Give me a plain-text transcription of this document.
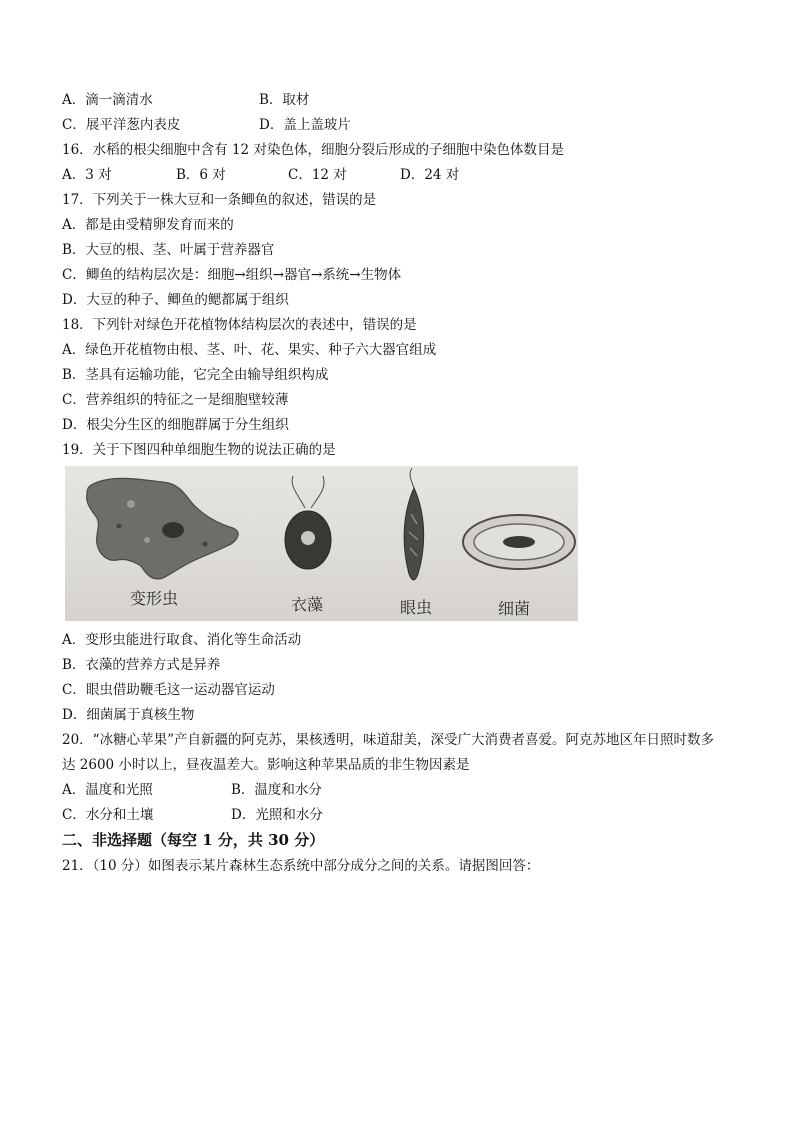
A．滴一滴清水	B．取材
C．展平洋葱内表皮	D．盖上盖玻片
16．水稻的根尖细胞中含有 12 对染色体，细胞分裂后形成的子细胞中染色体数目是
A．3 对	B．6 对	C．12 对	D．24 对
17．下列关于一株大豆和一条鲫鱼的叙述，错误的是
A．都是由受精卵发育而来的
B．大豆的根、茎、叶属于营养器官
C．鲫鱼的结构层次是：细胞→组织→器官→系统→生物体
D．大豆的种子、鲫鱼的鳃都属于组织
18．下列针对绿色开花植物体结构层次的表述中，错误的是
A．绿色开花植物由根、茎、叶、花、果实、种子六大器官组成
B．茎具有运输功能，它完全由输导组织构成
C．营养组织的特征之一是细胞壁较薄
D．根尖分生区的细胞群属于分生组织
19．关于下图四种单细胞生物的说法正确的是
变形虫	衣藻	眼虫	细菌
A．变形虫能进行取食、消化等生命活动
B．衣藻的营养方式是异养
C．眼虫借助鞭毛这一运动器官运动
D．细菌属于真核生物
20．“冰糖心苹果”产自新疆的阿克苏，果核透明，味道甜美，深受广大消费者喜爱。阿克苏地区年日照时数多
达 2600 小时以上，昼夜温差大。影响这种苹果品质的非生物因素是
A．温度和光照	B．温度和水分
C．水分和土壤	D．光照和水分
二、非选择题（每空 1 分，共 30 分）
21．（10 分）如图表示某片森林生态系统中部分成分之间的关系。请据图回答：
